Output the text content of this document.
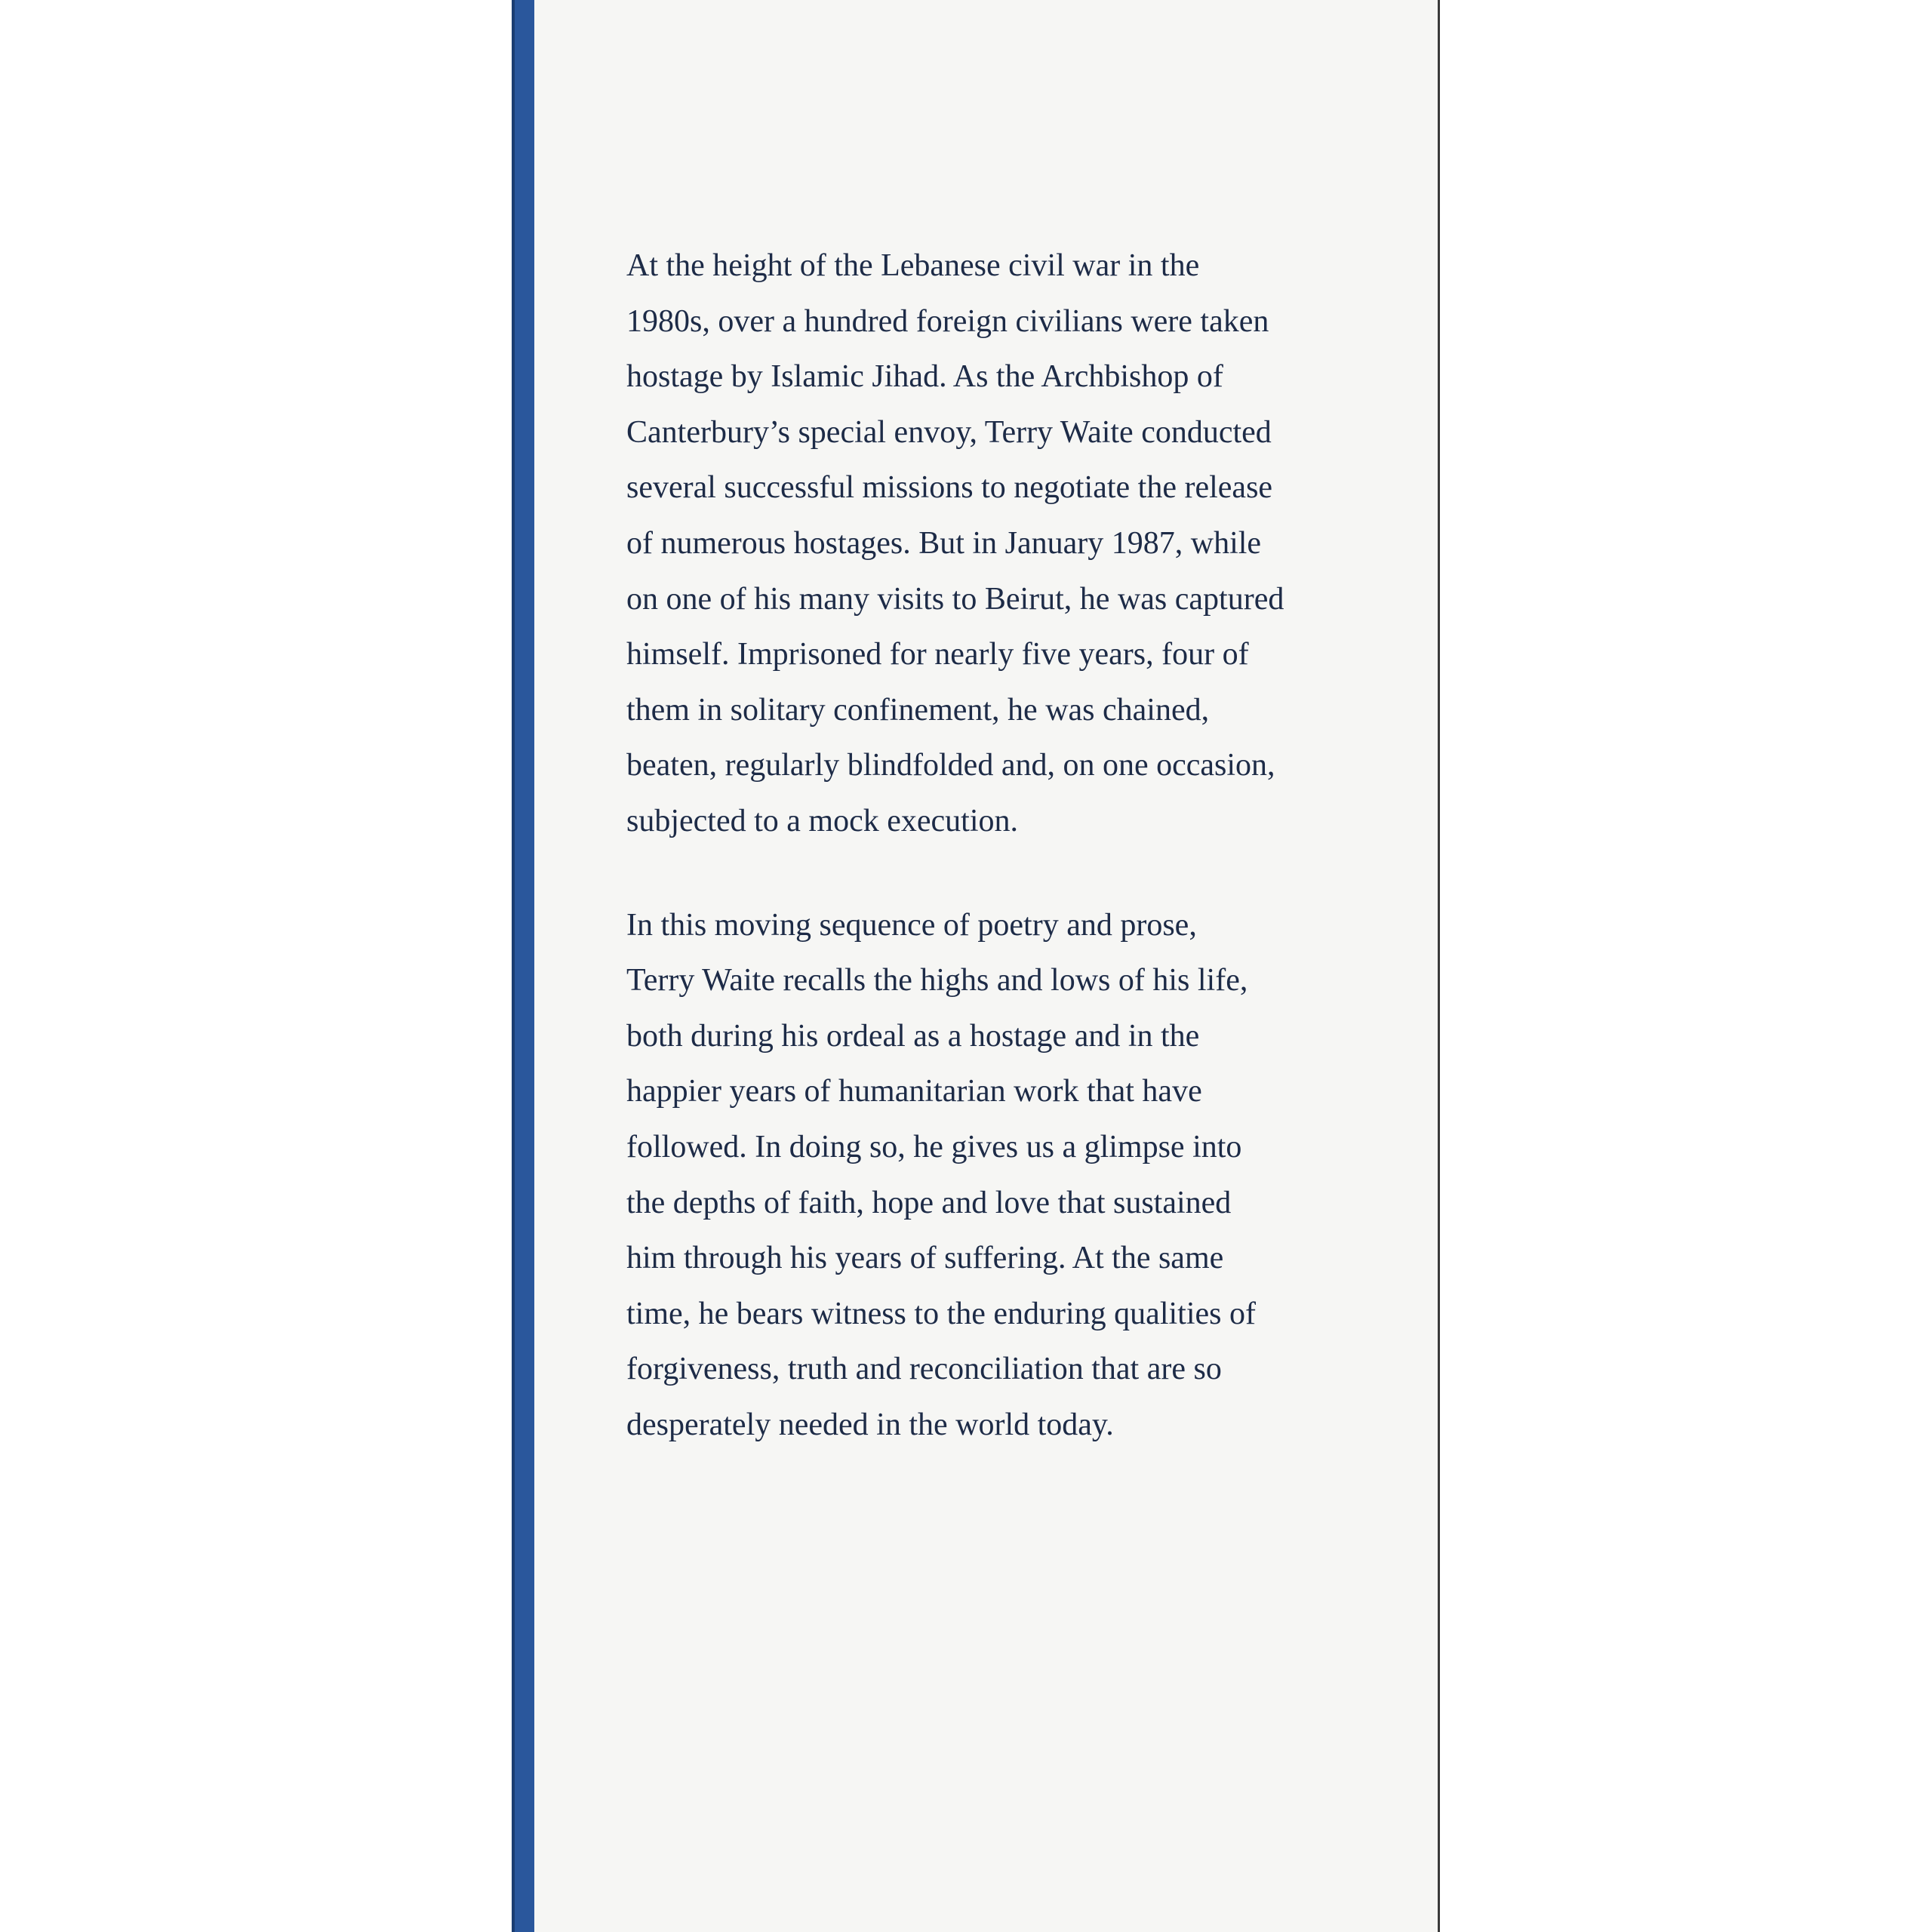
At the height of the Lebanese civil war in the
1980s, over a hundred foreign civilians were taken
hostage by Islamic Jihad. As the Archbishop of
Canterbury’s special envoy, Terry Waite conducted
several successful missions to negotiate the release
of numerous hostages. But in January 1987, while
on one of his many visits to Beirut, he was captured
himself. Imprisoned for nearly five years, four of
them in solitary confinement, he was chained,
beaten, regularly blindfolded and, on one occasion,
subjected to a mock execution.

In this moving sequence of poetry and prose,
Terry Waite recalls the highs and lows of his life,
both during his ordeal as a hostage and in the
happier years of humanitarian work that have
followed. In doing so, he gives us a glimpse into
the depths of faith, hope and love that sustained
him through his years of suffering. At the same
time, he bears witness to the enduring qualities of
forgiveness, truth and reconciliation that are so
desperately needed in the world today.
